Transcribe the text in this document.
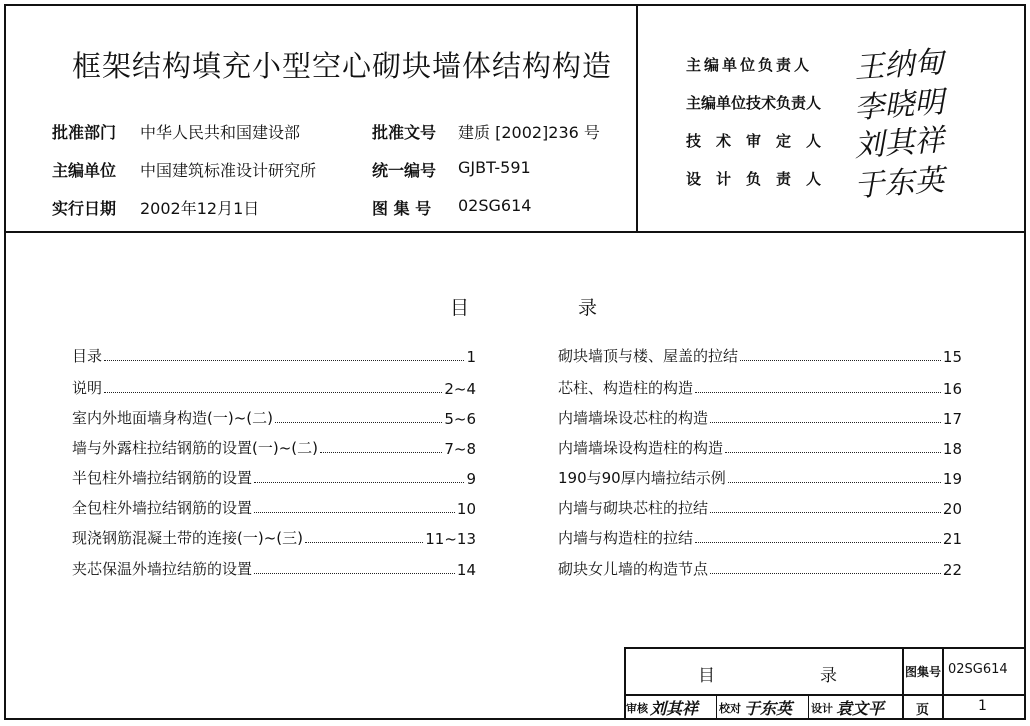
框架结构填充小型空心砌块墙体结构构造
批准部门 中华人民共和国建设部	批准文号 建质 [2002]236 号
主编单位 中国建筑标准设计研究所	统一编号 GJBT-591
实行日期 2002年12月1日	图 集 号 02SG614
主编单位负责人 王纳甸
主编单位技术负责人 李晓明
技术审定人 刘其祥
设计负责人 于东英
目	录
目录	1
说明	2~4
室内外地面墙身构造(一)~(二)	5~6
墙与外露柱拉结钢筋的设置(一)~(二)	7~8
半包柱外墙拉结钢筋的设置	9
全包柱外墙拉结钢筋的设置	10
现浇钢筋混凝土带的连接(一)~(三)	11~13
夹芯保温外墙拉结筋的设置	14
砌块墙顶与楼、屋盖的拉结	15
芯柱、构造柱的构造	16
内墙墙垛设芯柱的构造	17
内墙墙垛设构造柱的构造	18
190与90厚内墙拉结示例	19
内墙与砌块芯柱的拉结	20
内墙与构造柱的拉结	21
砌块女儿墙的构造节点	22
目	录	图集号 02SG614
审核 刘其祥 校对 于东英 设计 袁文平 页	1
